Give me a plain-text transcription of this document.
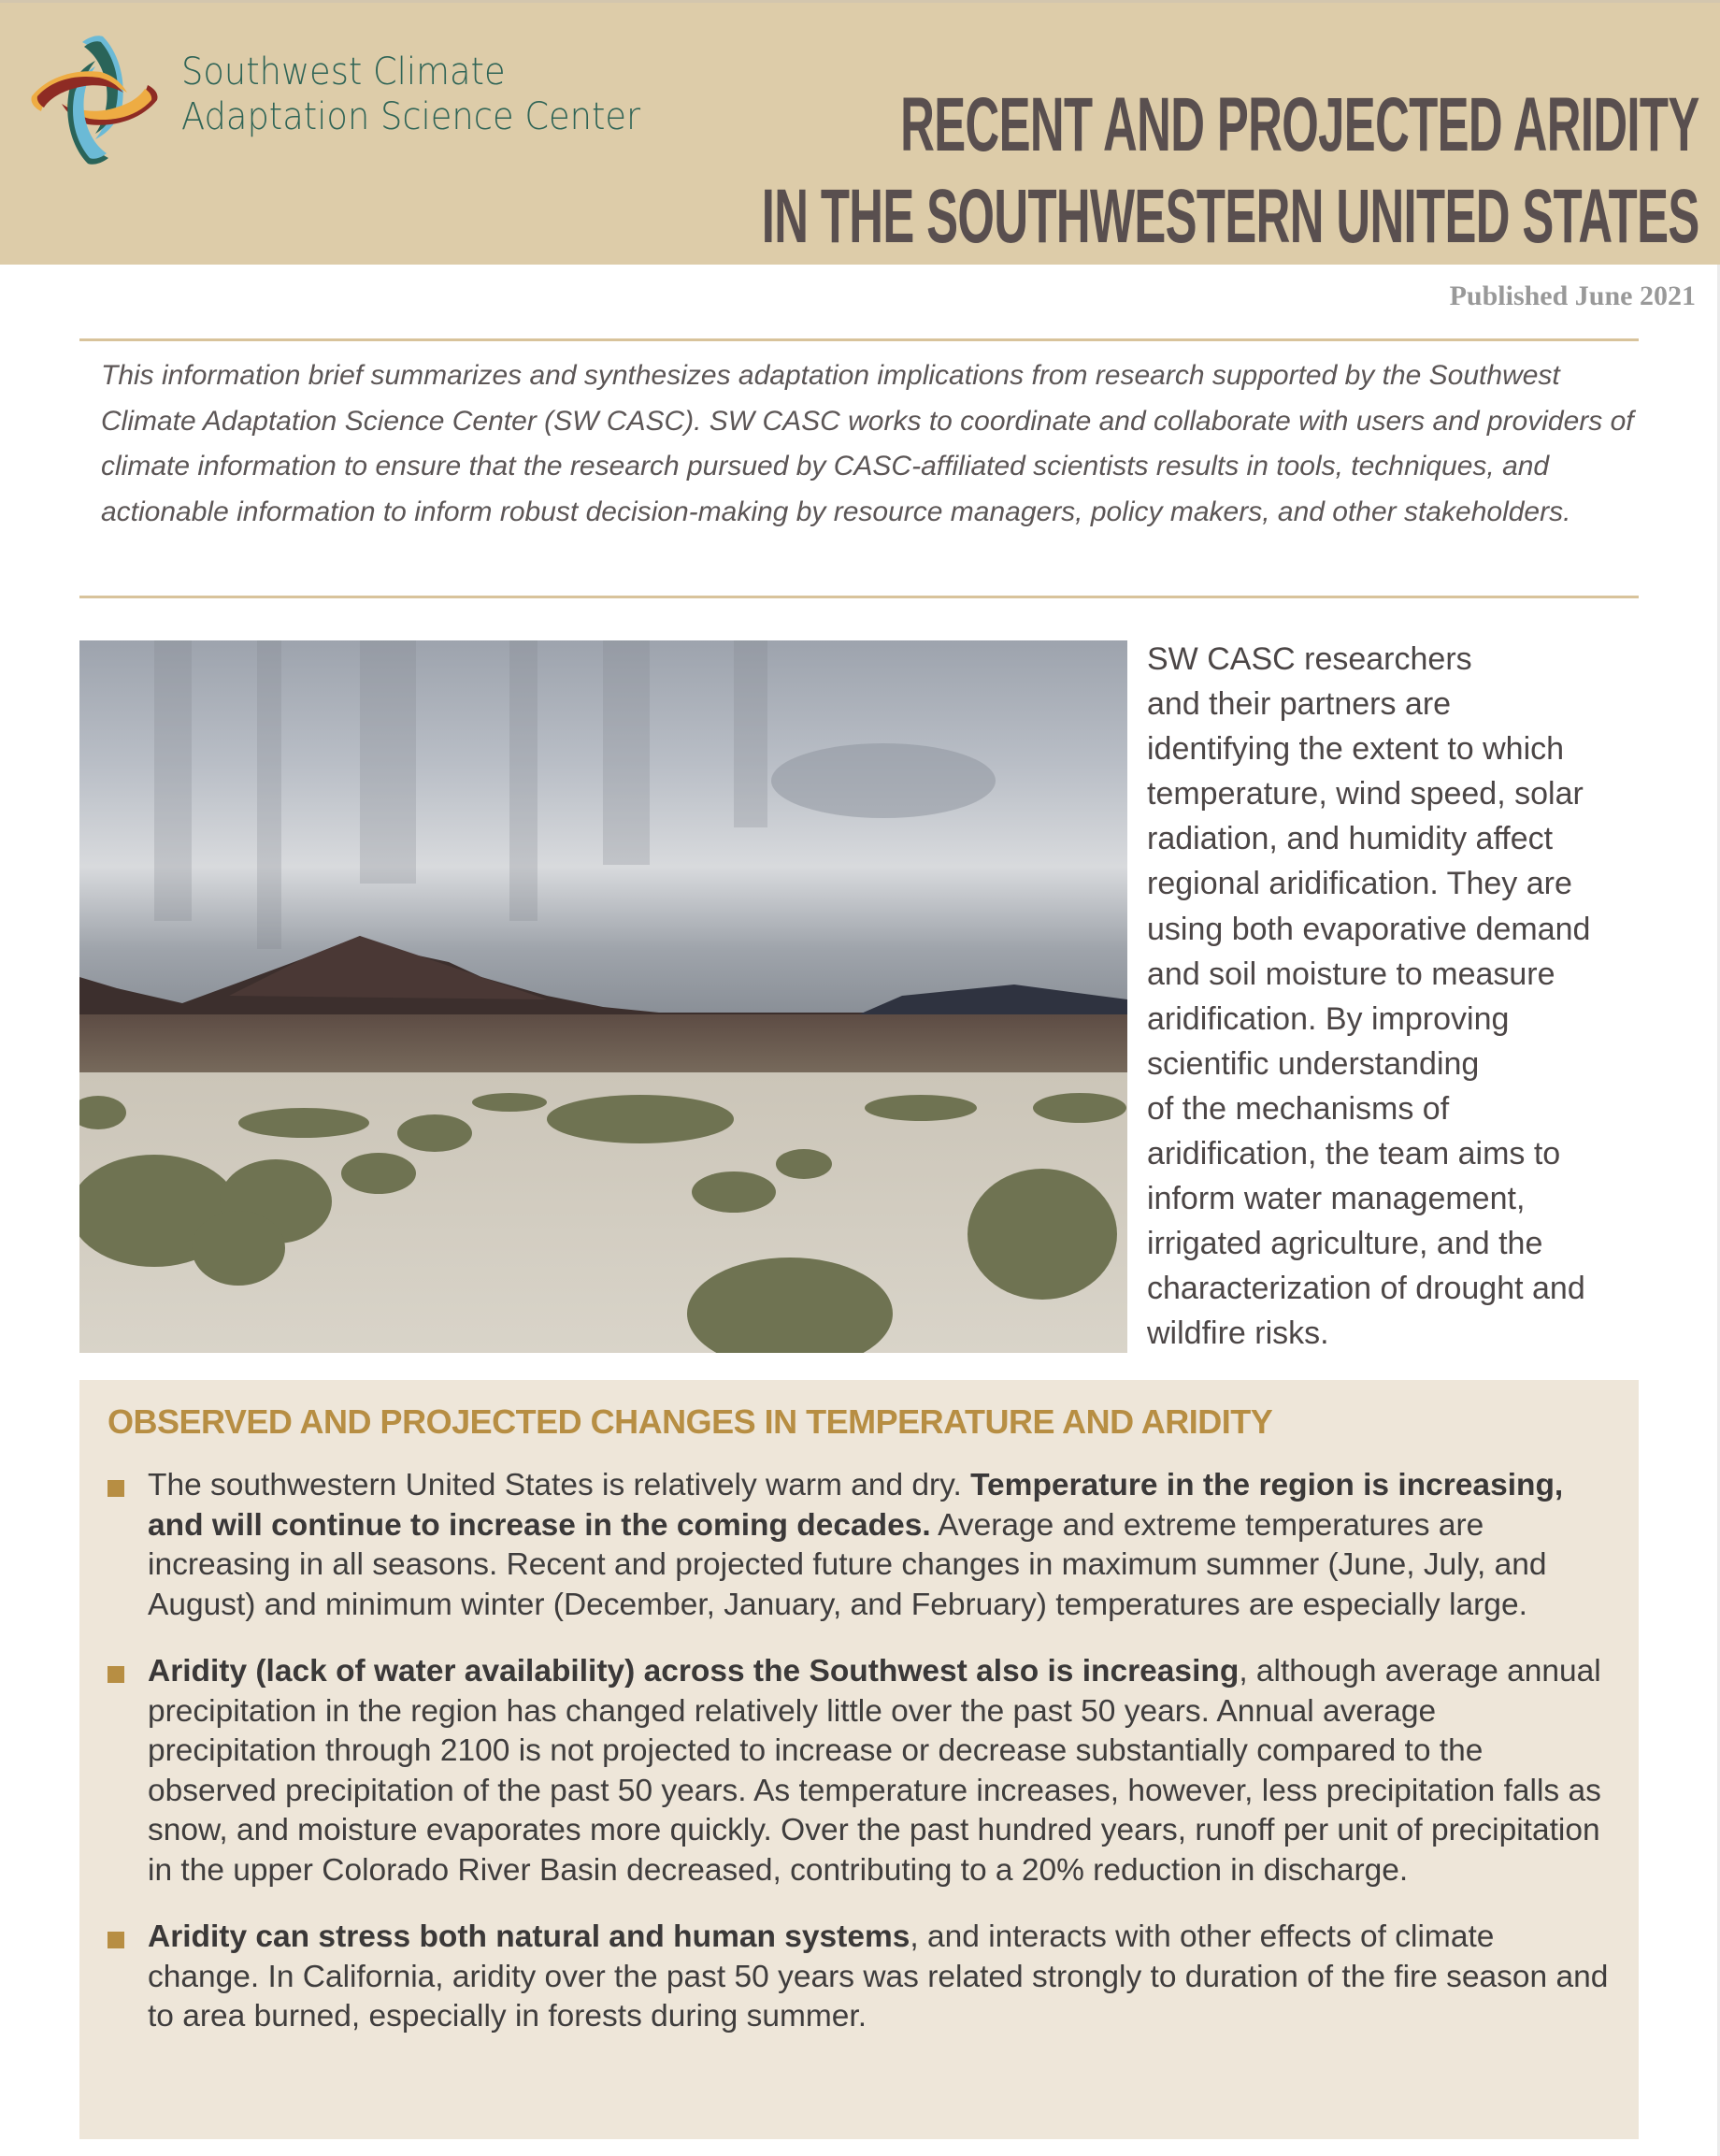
Southwest Climate
Adaptation Science Center	RECENT AND PROJECTED ARIDITY
IN THE SOUTHWESTERN UNITED STATES
Published June 2021
This information brief summarizes and synthesizes adaptation implications from research supported by the Southwest Climate Adaptation Science Center (SW CASC). SW CASC works to coordinate and collaborate with users and providers of climate information to ensure that the research pursued by CASC-affiliated scientists results in tools, techniques, and actionable information to inform robust decision-making by resource managers, policy makers, and other stakeholders.
SW CASC researchers
and their partners are
identifying the extent to which
temperature, wind speed, solar
radiation, and humidity affect
regional aridification. They are
using both evaporative demand
and soil moisture to measure
aridification. By improving
scientific understanding
of the mechanisms of
aridification, the team aims to
inform water management,
irrigated agriculture, and the
characterization of drought and
wildfire risks.
OBSERVED AND PROJECTED CHANGES IN TEMPERATURE AND ARIDITY
The southwestern United States is relatively warm and dry. Temperature in the region is increasing, and will continue to increase in the coming decades. Average and extreme temperatures are increasing in all seasons. Recent and projected future changes in maximum summer (June, July, and August) and minimum winter (December, January, and February) temperatures are especially large.
Aridity (lack of water availability) across the Southwest also is increasing, although average annual precipitation in the region has changed relatively little over the past 50 years. Annual average precipitation through 2100 is not projected to increase or decrease substantially compared to the observed precipitation of the past 50 years. As temperature increases, however, less precipitation falls as snow, and moisture evaporates more quickly. Over the past hundred years, runoff per unit of precipitation in the upper Colorado River Basin decreased, contributing to a 20% reduction in discharge.
Aridity can stress both natural and human systems, and interacts with other effects of climate change. In California, aridity over the past 50 years was related strongly to duration of the fire season and to area burned, especially in forests during summer.
